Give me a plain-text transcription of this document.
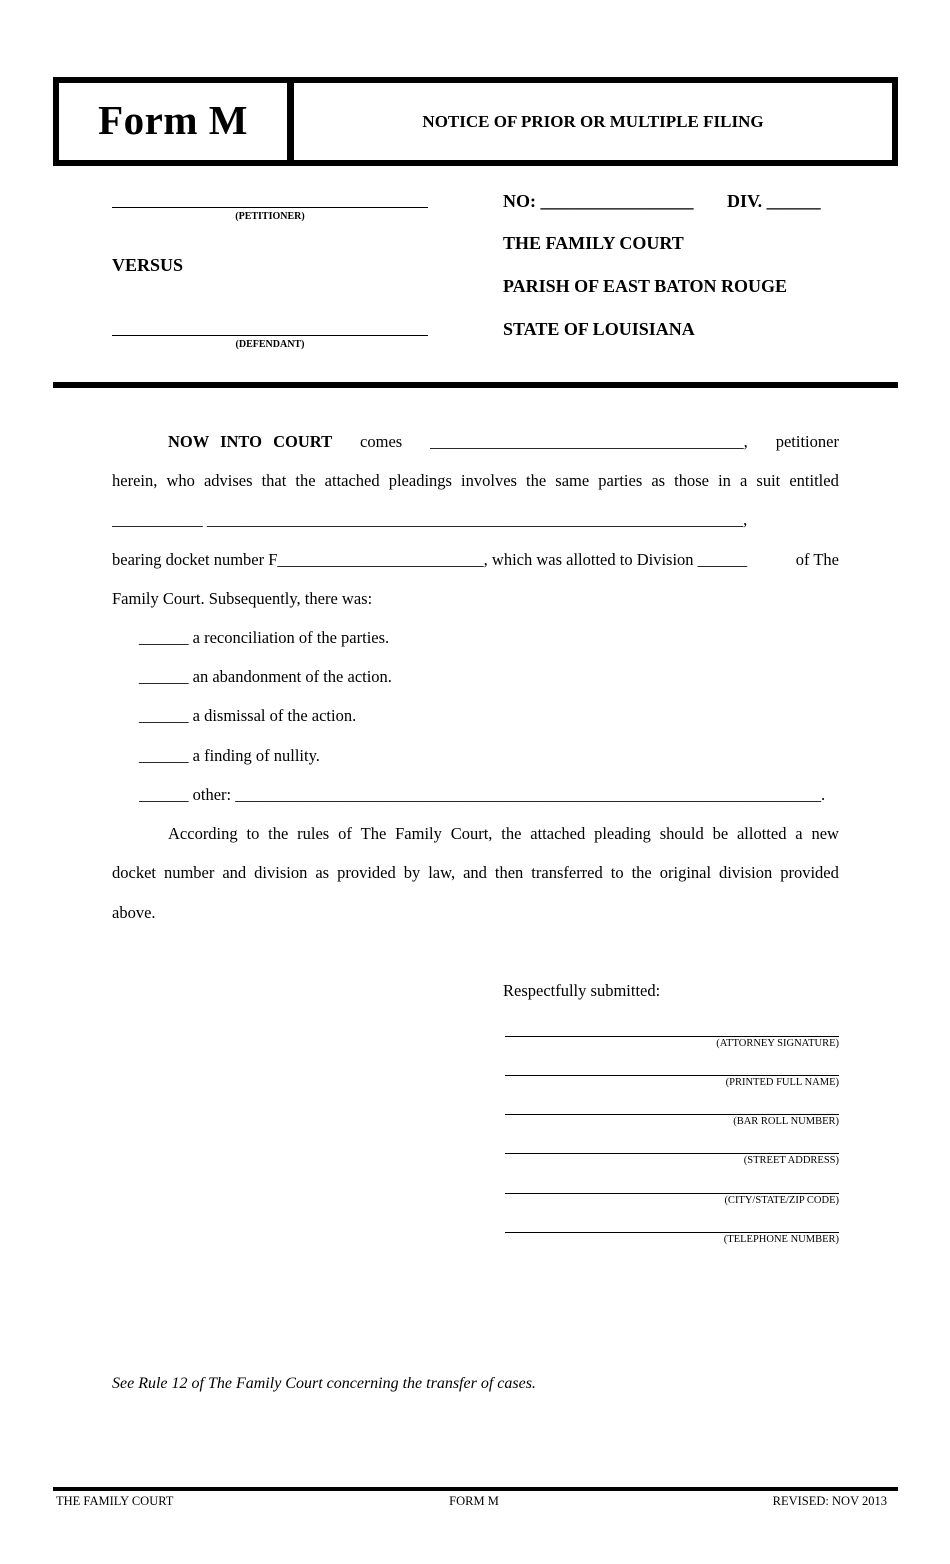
Form M	NOTICE OF PRIOR OR MULTIPLE FILING
(PETITIONER)
VERSUS
(DEFENDANT)
NO: _________________ DIV. ______
THE FAMILY COURT
PARISH OF EAST BATON ROUGE
STATE OF LOUISIANA
NOW INTO COURT comes ______________________________________, petitioner
herein, who advises that the attached pleadings involves the same parties as those in a suit entitled
___________ _________________________________________________________________,
bearing docket number F_________________________, which was allotted to Division ______	of The
Family Court. Subsequently, there was:
______ a reconciliation of the parties.
______ an abandonment of the action.
______ a dismissal of the action.
______ a finding of nullity.
______ other: _______________________________________________________________________.
According to the rules of The Family Court, the attached pleading should be allotted a new
docket number and division as provided by law, and then transferred to the original division provided
above.
Respectfully submitted:
(ATTORNEY SIGNATURE)
(PRINTED FULL NAME)
(BAR ROLL NUMBER)
(STREET ADDRESS)
(CITY/STATE/ZIP CODE)
(TELEPHONE NUMBER)
See Rule 12 of The Family Court concerning the transfer of cases.
THE FAMILY COURT	FORM M	REVISED: NOV 2013
